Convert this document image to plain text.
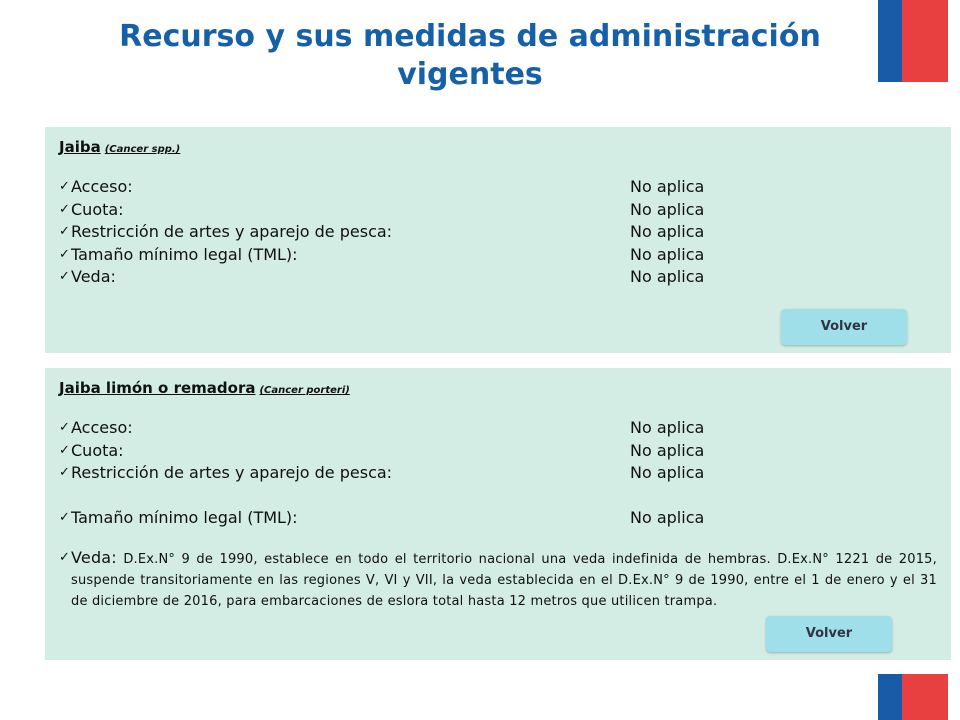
Recurso y sus medidas de administración vigentes
Jaiba (Cancer spp.)
✓ Acceso:	No aplica
✓ Cuota:	No aplica
✓ Restricción de artes y aparejo de pesca:	No aplica
✓ Tamaño mínimo legal (TML):	No aplica
✓ Veda:	No aplica
Volver
Jaiba limón o remadora (Cancer porteri)
✓ Acceso:	No aplica
✓ Cuota:	No aplica
✓ Restricción de artes y aparejo de pesca:	No aplica
✓ Tamaño mínimo legal (TML):	No aplica
✓ Veda: D.Ex.N° 9 de 1990, establece en todo el territorio nacional una veda indefinida de hembras. D.Ex.N° 1221 de 2015, suspende transitoriamente en las regiones V, VI y VII, la veda establecida en el D.Ex.N° 9 de 1990, entre el 1 de enero y el 31 de diciembre de 2016, para embarcaciones de eslora total hasta 12 metros que utilicen trampa.
Volver
